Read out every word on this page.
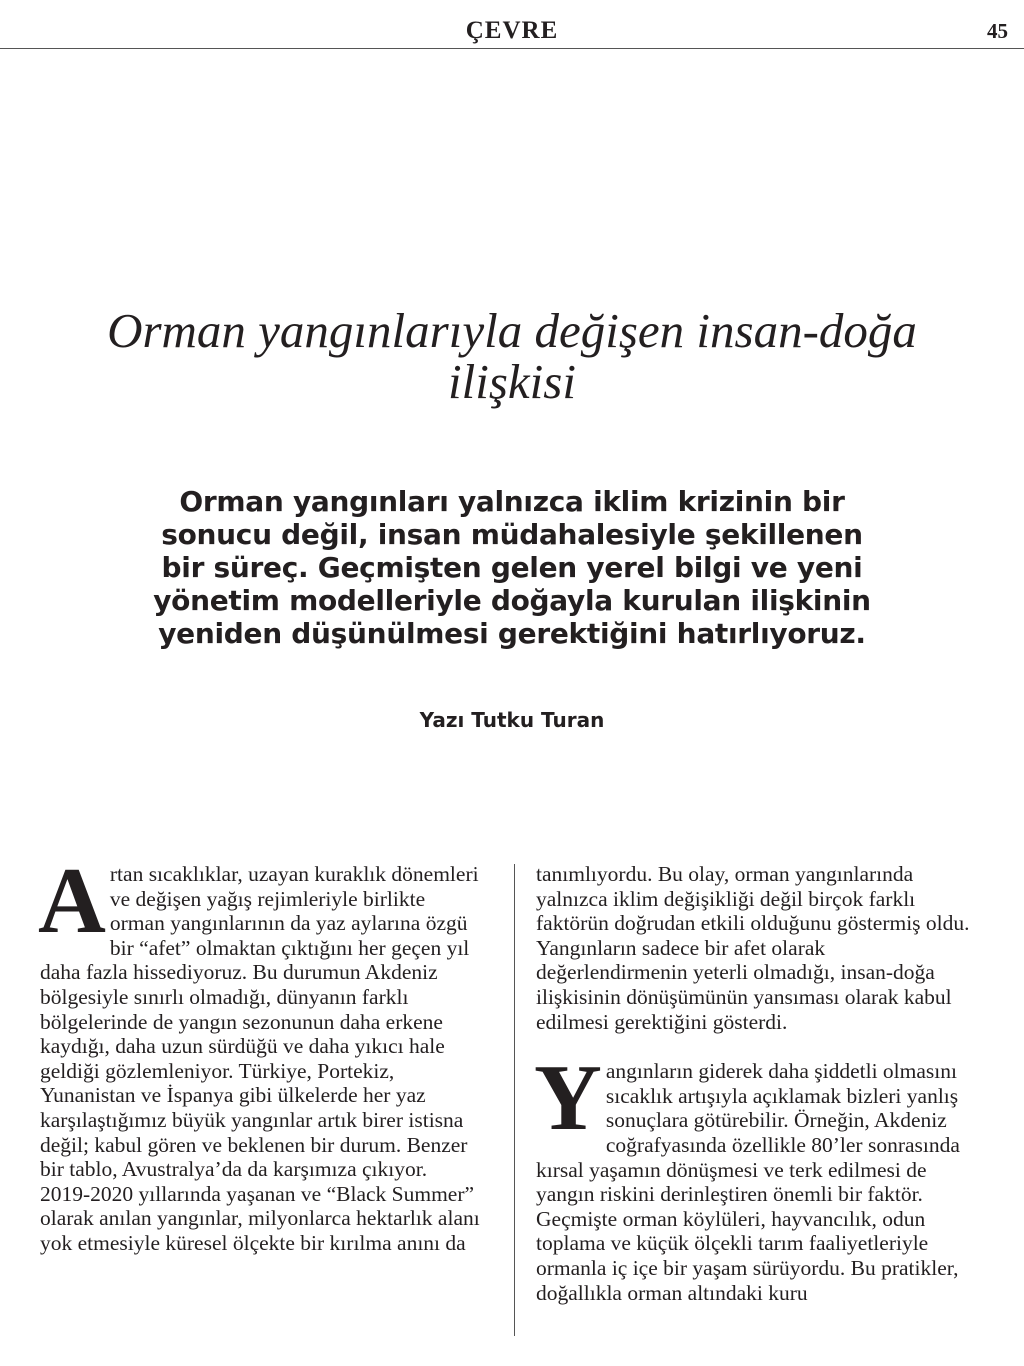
ÇEVRE	45
Orman yangınlarıyla değişen insan-doğa ilişkisi

Orman yangınları yalnızca iklim krizinin bir sonucu değil, insan müdahalesiyle şekillenen bir süreç. Geçmişten gelen yerel bilgi ve yeni yönetim modelleriyle doğayla kurulan ilişkinin yeniden düşünülmesi gerektiğini hatırlıyoruz.

Yazı Tutku Turan

Artan sıcaklıklar, uzayan kuraklık dönemleri ve değişen yağış rejimleriyle birlikte orman yangınlarının da yaz aylarına özgü bir “afet” olmaktan çıktığını her geçen yıl daha fazla hissediyoruz. Bu durumun Akdeniz bölgesiyle sınırlı olmadığı, dünyanın farklı bölgelerinde de yangın sezonunun daha erkene kaydığı, daha uzun sürdüğü ve daha yıkıcı hale geldiği gözlemleniyor. Türkiye, Portekiz, Yunanistan ve İspanya gibi ülkelerde her yaz karşılaştığımız büyük yangınlar artık birer istisna değil; kabul gören ve beklenen bir durum. Benzer bir tablo, Avustralya’da da karşımıza çıkıyor. 2019-2020 yıllarında yaşanan ve “Black Summer” olarak anılan yangınlar, milyonlarca hektarlık alanı yok etmesiyle küresel ölçekte bir kırılma anını da

tanımlıyordu. Bu olay, orman yangınlarında yalnızca iklim değişikliği değil birçok farklı faktörün doğrudan etkili olduğunu göstermiş oldu. Yangınların sadece bir afet olarak değerlendirmenin yeterli olmadığı, insan-doğa ilişkisinin dönüşümünün yansıması olarak kabul edilmesi gerektiğini gösterdi.

Yangınların giderek daha şiddetli olmasını sıcaklık artışıyla açıklamak bizleri yanlış sonuçlara götürebilir. Örneğin, Akdeniz coğrafyasında özellikle 80’ler sonrasında kırsal yaşamın dönüşmesi ve terk edilmesi de yangın riskini derinleştiren önemli bir faktör. Geçmişte orman köylüleri, hayvancılık, odun toplama ve küçük ölçekli tarım faaliyetleriyle ormanla iç içe bir yaşam sürüyordu. Bu pratikler, doğallıkla orman altındaki kuru
